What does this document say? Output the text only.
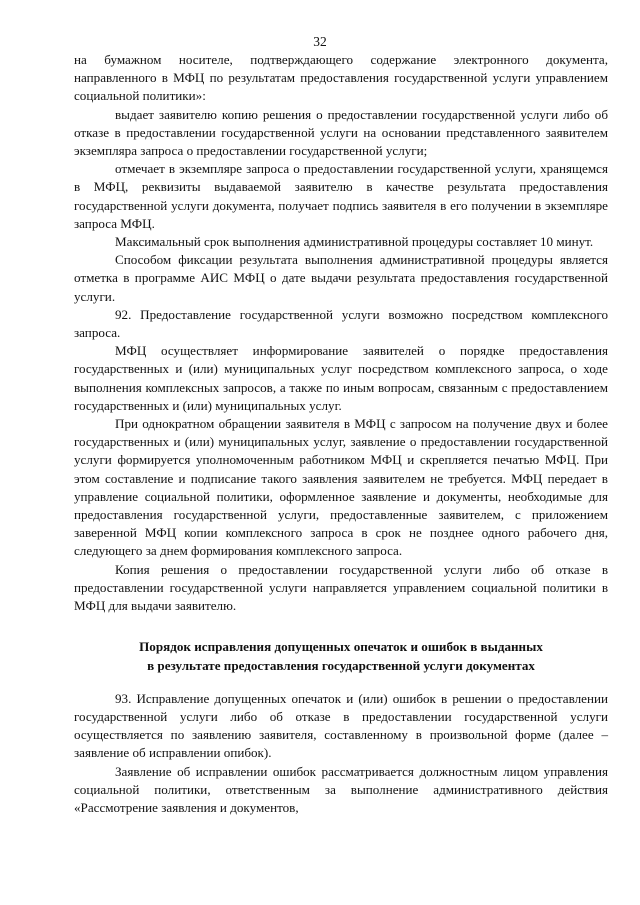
32

на бумажном носителе, подтверждающего содержание электронного документа, направленного в МФЦ по результатам предоставления государственной услуги управлением социальной политики»:

выдает заявителю копию решения о предоставлении государственной услуги либо об отказе в предоставлении государственной услуги на основании представленного заявителем экземпляра запроса о предоставлении государственной услуги;

отмечает в экземпляре запроса о предоставлении государственной услуги, хранящемся в МФЦ, реквизиты выдаваемой заявителю в качестве результата предоставления государственной услуги документа, получает подпись заявителя в его получении в экземпляре запроса МФЦ.

Максимальный срок выполнения административной процедуры составляет 10 минут.

Способом фиксации результата выполнения административной процедуры является отметка в программе АИС МФЦ о дате выдачи результата предоставления государственной услуги.

92. Предоставление государственной услуги возможно посредством комплексного запроса.

МФЦ осуществляет информирование заявителей о порядке предоставления государственных и (или) муниципальных услуг посредством комплексного запроса, о ходе выполнения комплексных запросов, а также по иным вопросам, связанным с предоставлением государственных и (или) муниципальных услуг.

При однократном обращении заявителя в МФЦ с запросом на получение двух и более государственных и (или) муниципальных услуг, заявление о предоставлении государственной услуги формируется уполномоченным работником МФЦ и скрепляется печатью МФЦ. При этом составление и подписание такого заявления заявителем не требуется. МФЦ передает в управление социальной политики, оформленное заявление и документы, необходимые для предоставления государственной услуги, предоставленные заявителем, с приложением заверенной МФЦ копии комплексного запроса в срок не позднее одного рабочего дня, следующего за днем формирования комплексного запроса.

Копия решения о предоставлении государственной услуги либо об отказе в предоставлении государственной услуги направляется управлением социальной политики в МФЦ для выдачи заявителю.

Порядок исправления допущенных опечаток и ошибок в выданных
в результате предоставления государственной услуги документах

93. Исправление допущенных опечаток и (или) ошибок в решении о предоставлении государственной услуги либо об отказе в предоставлении государственной услуги осуществляется по заявлению заявителя, составленному в произвольной форме (далее – заявление об исправлении опибок).

Заявление об исправлении ошибок рассматривается должностным лицом управления социальной политики, ответственным за выполнение административного действия «Рассмотрение заявления и документов,
